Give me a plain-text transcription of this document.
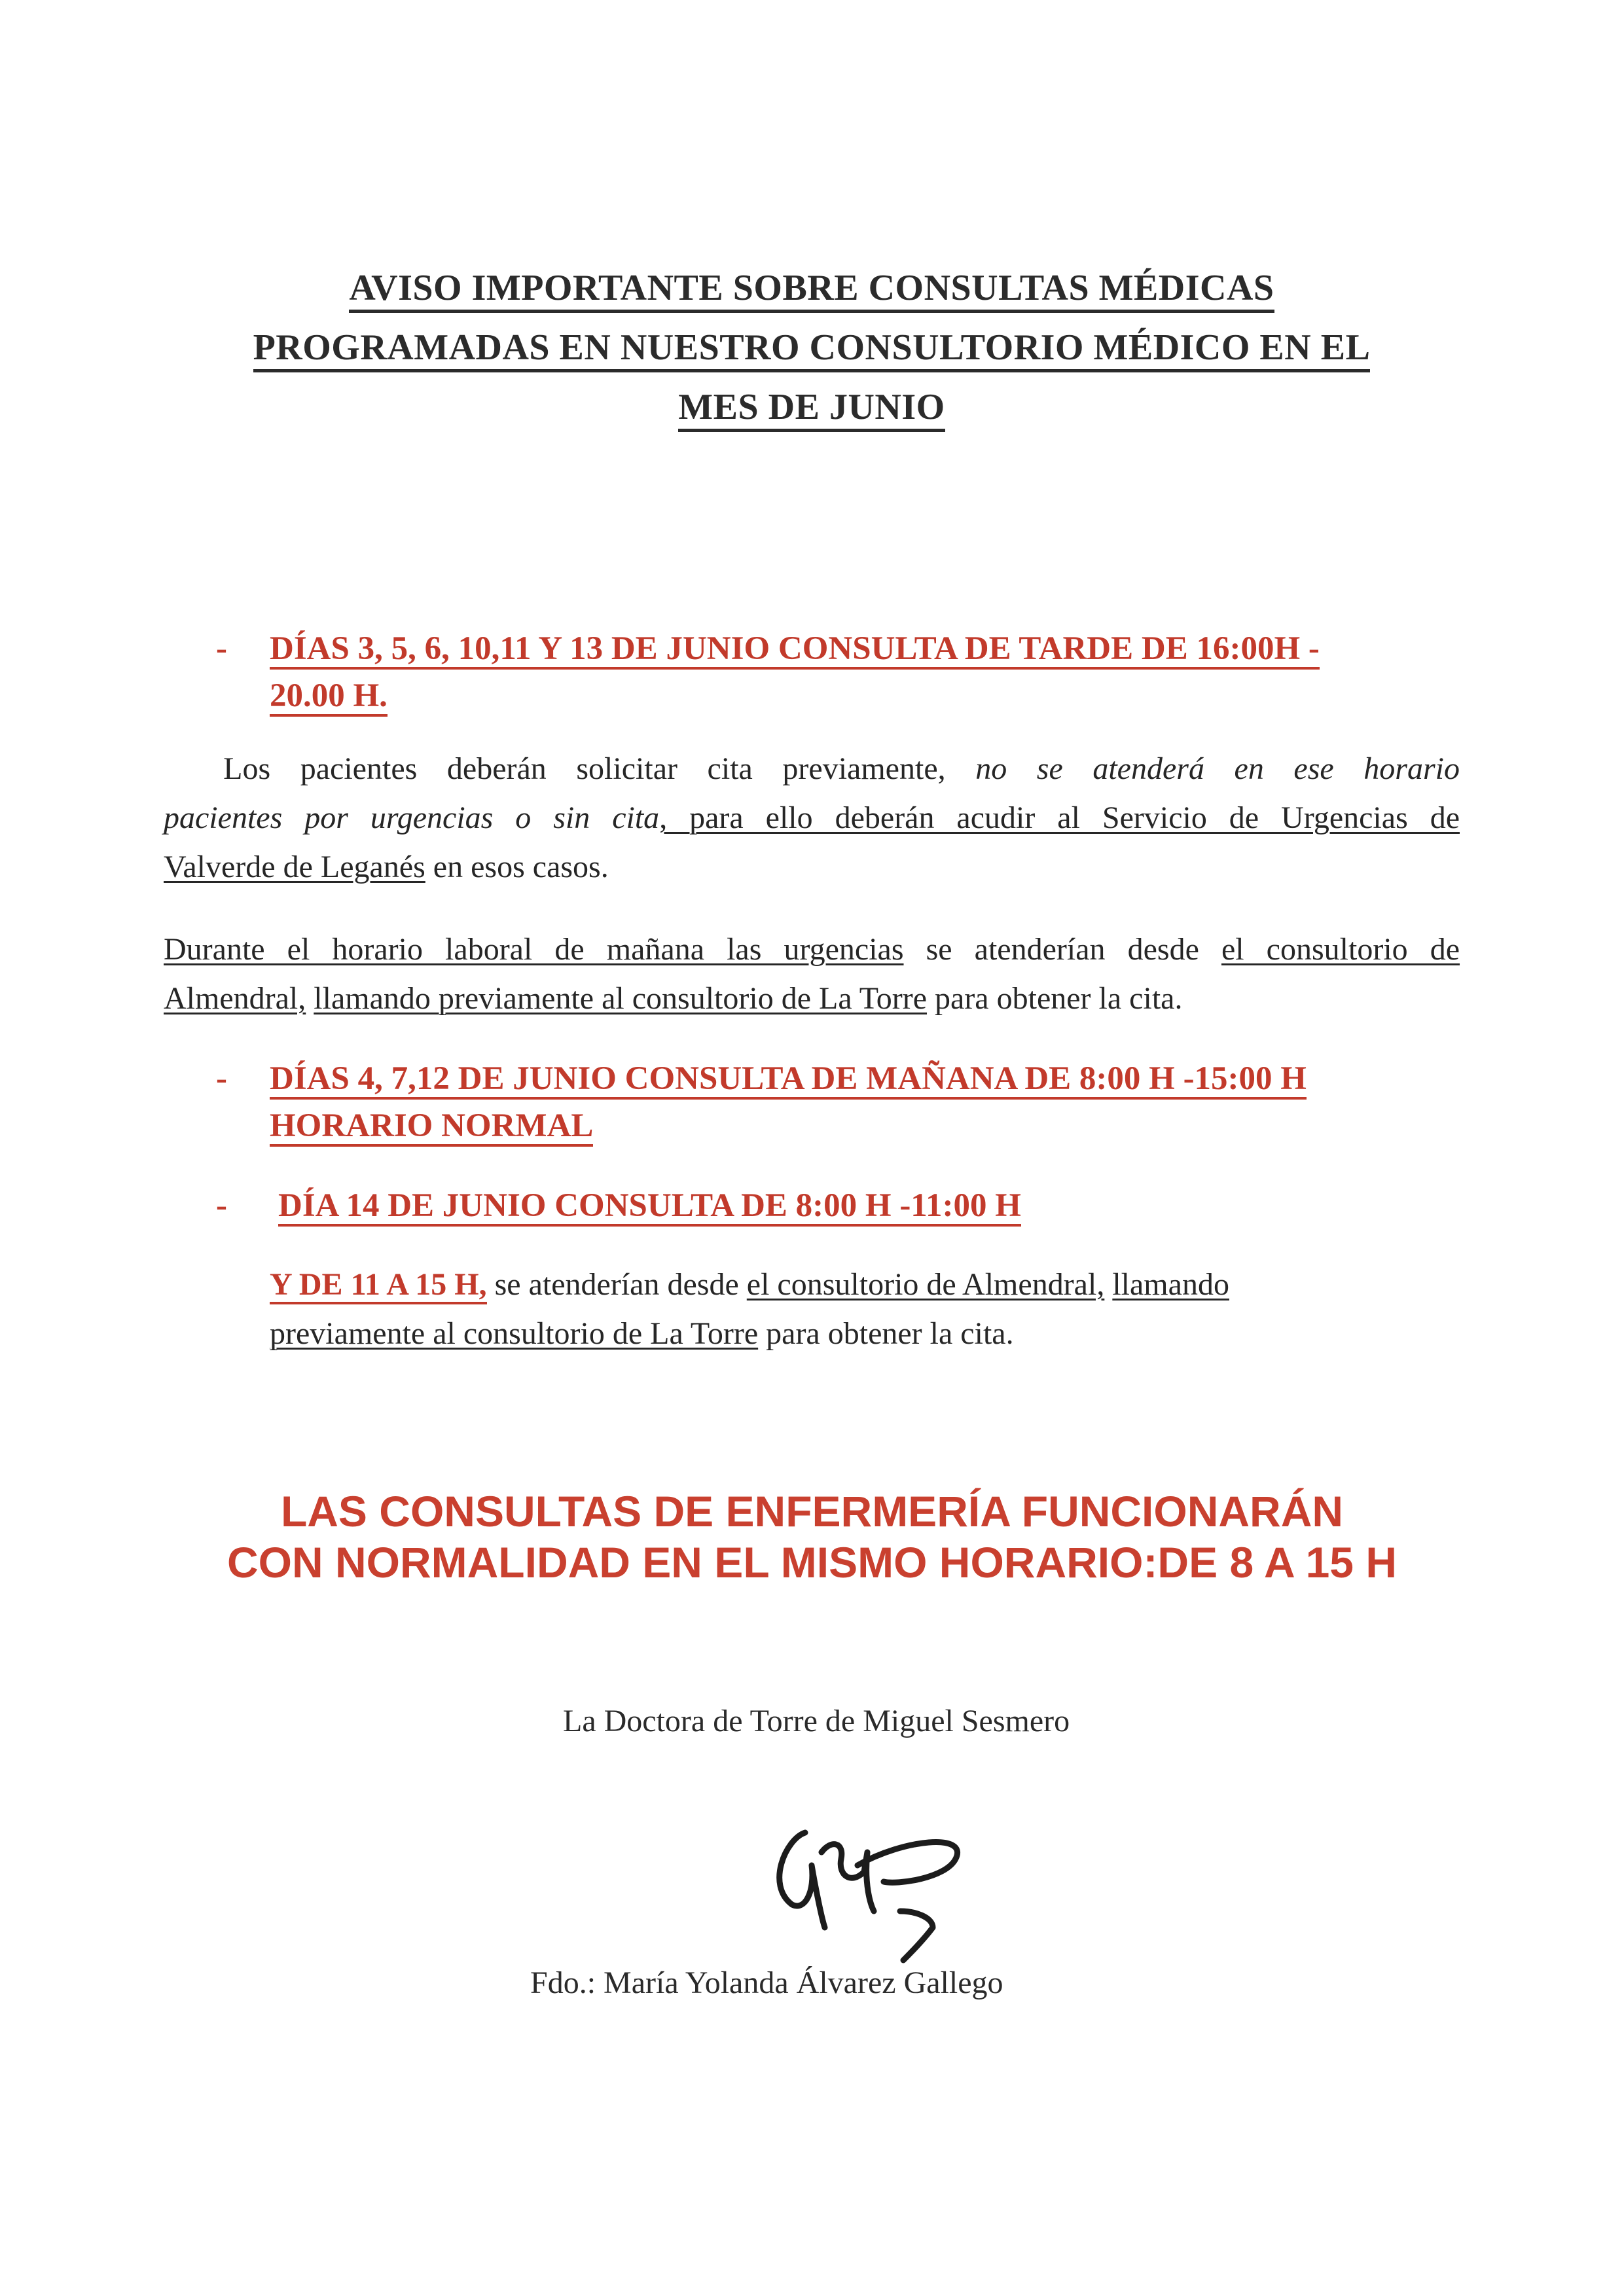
AVISO IMPORTANTE SOBRE CONSULTAS MÉDICAS
PROGRAMADAS EN NUESTRO CONSULTORIO MÉDICO EN EL
MES DE JUNIO
- DÍAS 3, 5, 6, 10,11 Y 13 DE JUNIO CONSULTA DE TARDE DE 16:00H -
20.00 H.
Los pacientes deberán solicitar cita previamente, no se atenderá en ese horario
pacientes por urgencias o sin cita, para ello deberán acudir al Servicio de Urgencias de
Valverde de Leganés en esos casos.
Durante el horario laboral de mañana las urgencias se atenderían desde el consultorio de
Almendral, llamando previamente al consultorio de La Torre para obtener la cita.
- DÍAS 4, 7,12 DE JUNIO CONSULTA DE MAÑANA DE 8:00 H -15:00 H
HORARIO NORMAL
- DÍA 14 DE JUNIO CONSULTA DE 8:00 H -11:00 H
Y DE 11 A 15 H, se atenderían desde el consultorio de Almendral, llamando
previamente al consultorio de La Torre para obtener la cita.
LAS CONSULTAS DE ENFERMERÍA FUNCIONARÁN
CON NORMALIDAD EN EL MISMO HORARIO:DE 8 A 15 H
La Doctora de Torre de Miguel Sesmero
Fdo.: María Yolanda Álvarez Gallego
